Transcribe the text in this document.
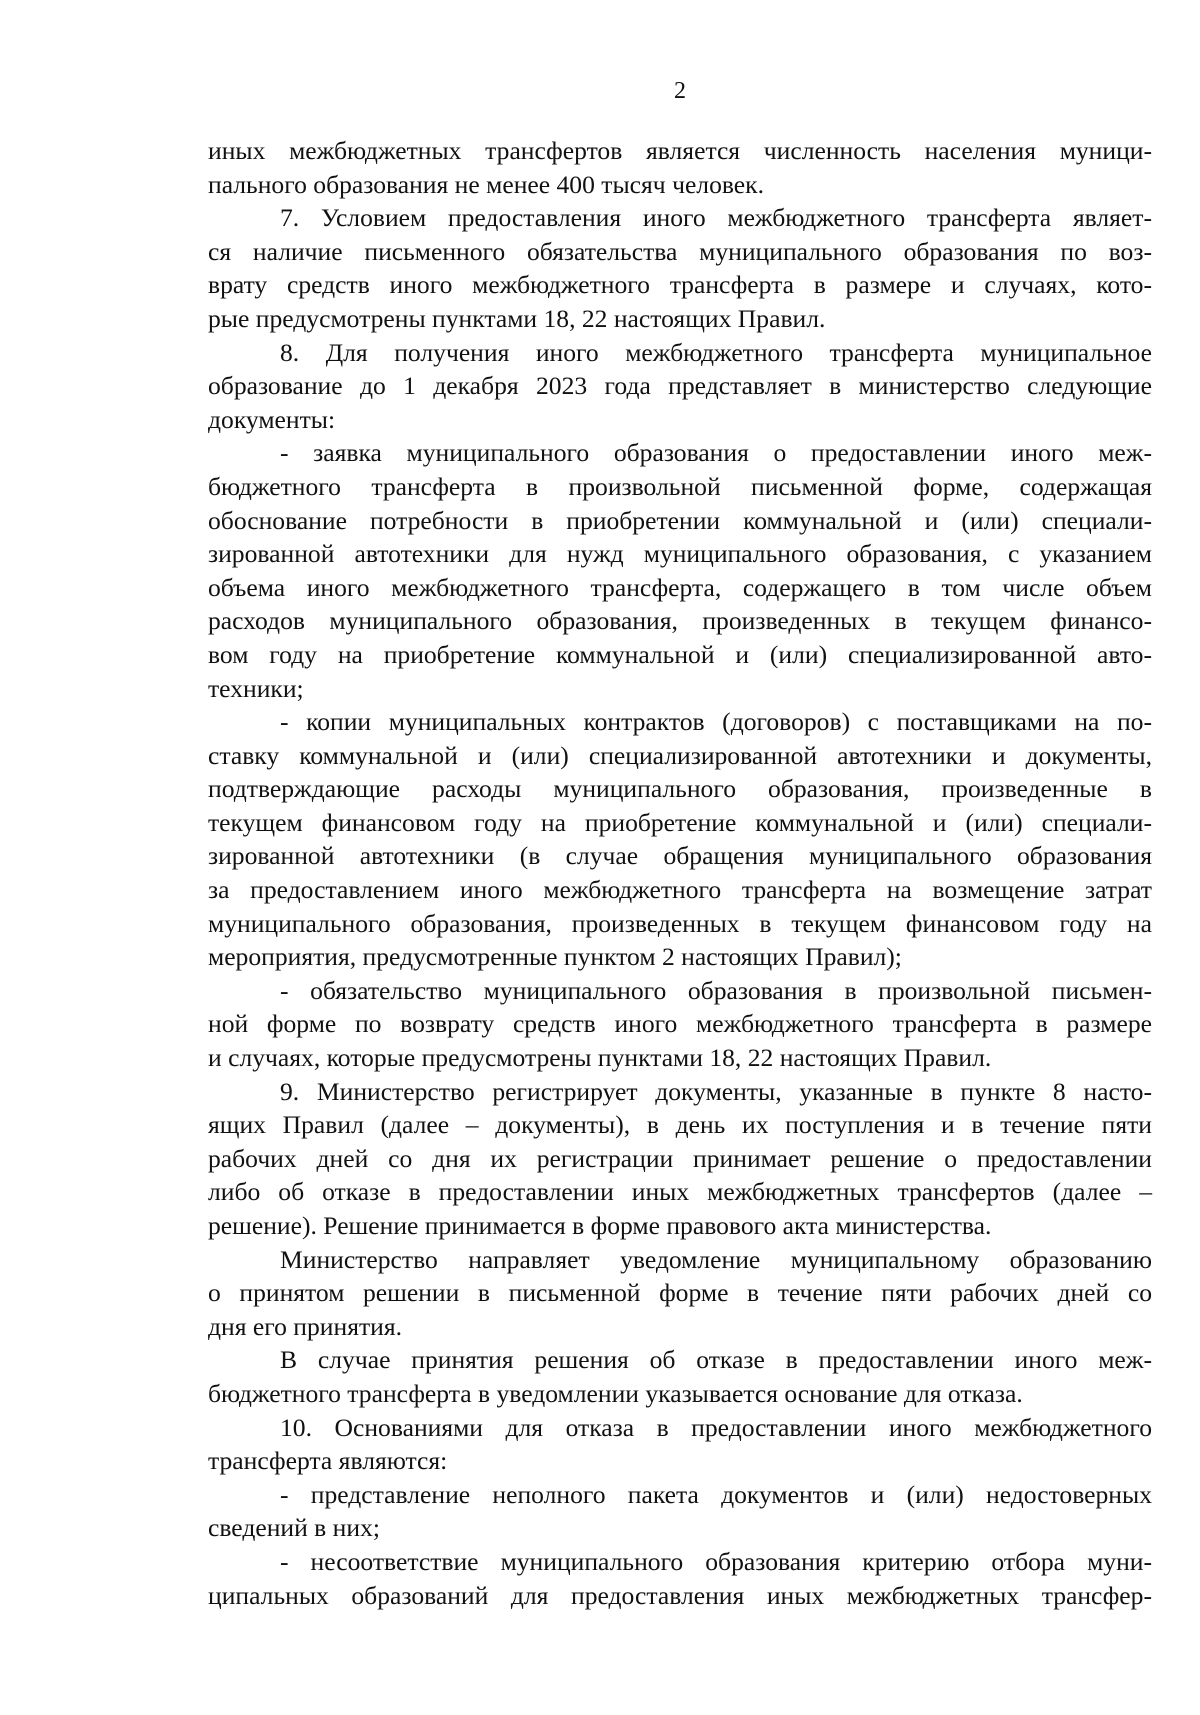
2
иных межбюджетных трансфертов является численность населения муници-
пального образования не менее 400 тысяч человек.
7. Условием предоставления иного межбюджетного трансферта являет-
ся наличие письменного обязательства муниципального образования по воз-
врату средств иного межбюджетного трансферта в размере и случаях, кото-
рые предусмотрены пунктами 18, 22 настоящих Правил.
8. Для получения иного межбюджетного трансферта муниципальное
образование до 1 декабря 2023 года представляет в министерство следующие
документы:
- заявка муниципального образования о предоставлении иного меж-
бюджетного трансферта в произвольной письменной форме, содержащая
обоснование потребности в приобретении коммунальной и (или) специали-
зированной автотехники для нужд муниципального образования, с указанием
объема иного межбюджетного трансферта, содержащего в том числе объем
расходов муниципального образования, произведенных в текущем финансо-
вом году на приобретение коммунальной и (или) специализированной авто-
техники;
- копии муниципальных контрактов (договоров) с поставщиками на по-
ставку коммунальной и (или) специализированной автотехники и документы,
подтверждающие расходы муниципального образования, произведенные в
текущем финансовом году на приобретение коммунальной и (или) специали-
зированной автотехники (в случае обращения муниципального образования
за предоставлением иного межбюджетного трансферта на возмещение затрат
муниципального образования, произведенных в текущем финансовом году на
мероприятия, предусмотренные пунктом 2 настоящих Правил);
- обязательство муниципального образования в произвольной письмен-
ной форме по возврату средств иного межбюджетного трансферта в размере
и случаях, которые предусмотрены пунктами 18, 22 настоящих Правил.
9. Министерство регистрирует документы, указанные в пункте 8 насто-
ящих Правил (далее – документы), в день их поступления и в течение пяти
рабочих дней со дня их регистрации принимает решение о предоставлении
либо об отказе в предоставлении иных межбюджетных трансфертов (далее –
решение). Решение принимается в форме правового акта министерства.
Министерство направляет уведомление муниципальному образованию
о принятом решении в письменной форме в течение пяти рабочих дней со
дня его принятия.
В случае принятия решения об отказе в предоставлении иного меж-
бюджетного трансферта в уведомлении указывается основание для отказа.
10. Основаниями для отказа в предоставлении иного межбюджетного
трансферта являются:
- представление неполного пакета документов и (или) недостоверных
сведений в них;
- несоответствие муниципального образования критерию отбора муни-
ципальных образований для предоставления иных межбюджетных трансфер-
